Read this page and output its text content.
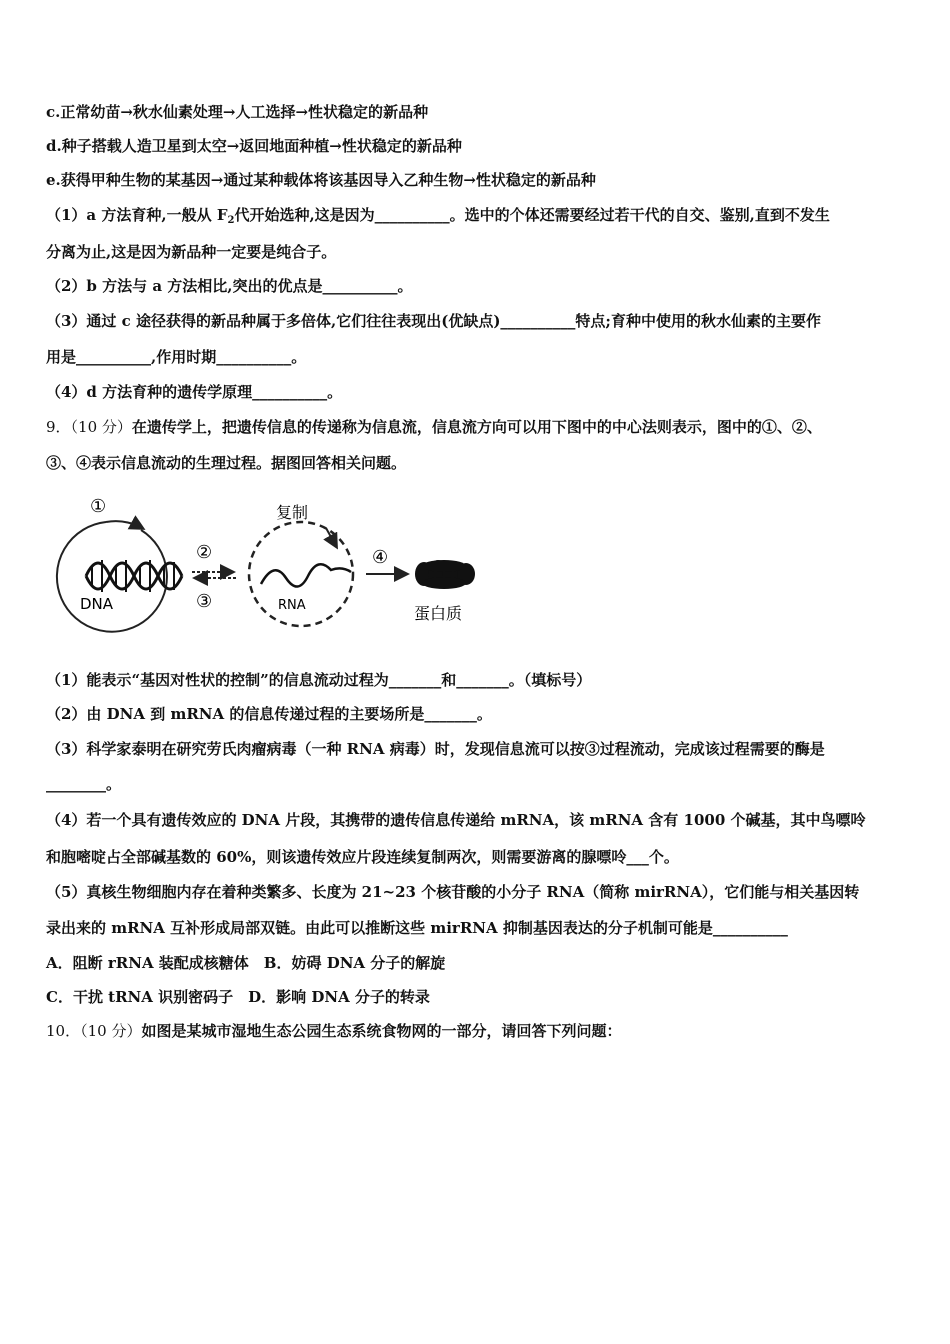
c.正常幼苗→秋水仙素处理→人工选择→性状稳定的新品种
d.种子搭载人造卫星到太空→返回地面种植→性状稳定的新品种
e.获得甲种生物的某基因→通过某种载体将该基因导入乙种生物→性状稳定的新品种
（1）a 方法育种,一般从 $F_2$代开始选种,这是因为__________。选中的个体还需要经过若干代的自交、鉴别,直到不发生
分离为止,这是因为新品种一定要是纯合子。
（2）b 方法与 a 方法相比,突出的优点是__________。
（3）通过 c 途径获得的新品种属于多倍体,它们往往表现出(优缺点)__________特点;育种中使用的秋水仙素的主要作
用是__________,作用时期__________。
（4）d 方法育种的遗传学原理__________。
9．（10 分）在遗传学上，把遗传信息的传递称为信息流，信息流方向可以用下图中的中心法则表示，图中的①、②、
③、④表示信息流动的生理过程。据图回答相关问题。
①
DNA
②
③
复制
RNA
④
蛋白质
（1）能表示“基因对性状的控制”的信息流动过程为_______和_______。（填标号）
（2）由 DNA 到 mRNA 的信息传递过程的主要场所是_______。
（3）科学家泰明在研究劳氏肉瘤病毒（一种 RNA 病毒）时，发现信息流可以按③过程流动，完成该过程需要的酶是
________。
（4）若一个具有遗传效应的 DNA 片段，其携带的遗传信息传递给 mRNA，该 mRNA 含有 1000 个碱基，其中鸟嘌呤
和胞嘧啶占全部碱基数的 60%，则该遗传效应片段连续复制两次，则需要游离的腺嘌呤___个。
（5）真核生物细胞内存在着种类繁多、长度为 21~23 个核苷酸的小分子 RNA（简称 mirRNA），它们能与相关基因转
录出来的 mRNA 互补形成局部双链。由此可以推断这些 mirRNA 抑制基因表达的分子机制可能是__________
A．阻断 rRNA 装配成核糖体　B．妨碍 DNA 分子的解旋
C．干扰 tRNA 识别密码子　D．影响 DNA 分子的转录
10．（10 分）如图是某城市湿地生态公园生态系统食物网的一部分，请回答下列问题：
